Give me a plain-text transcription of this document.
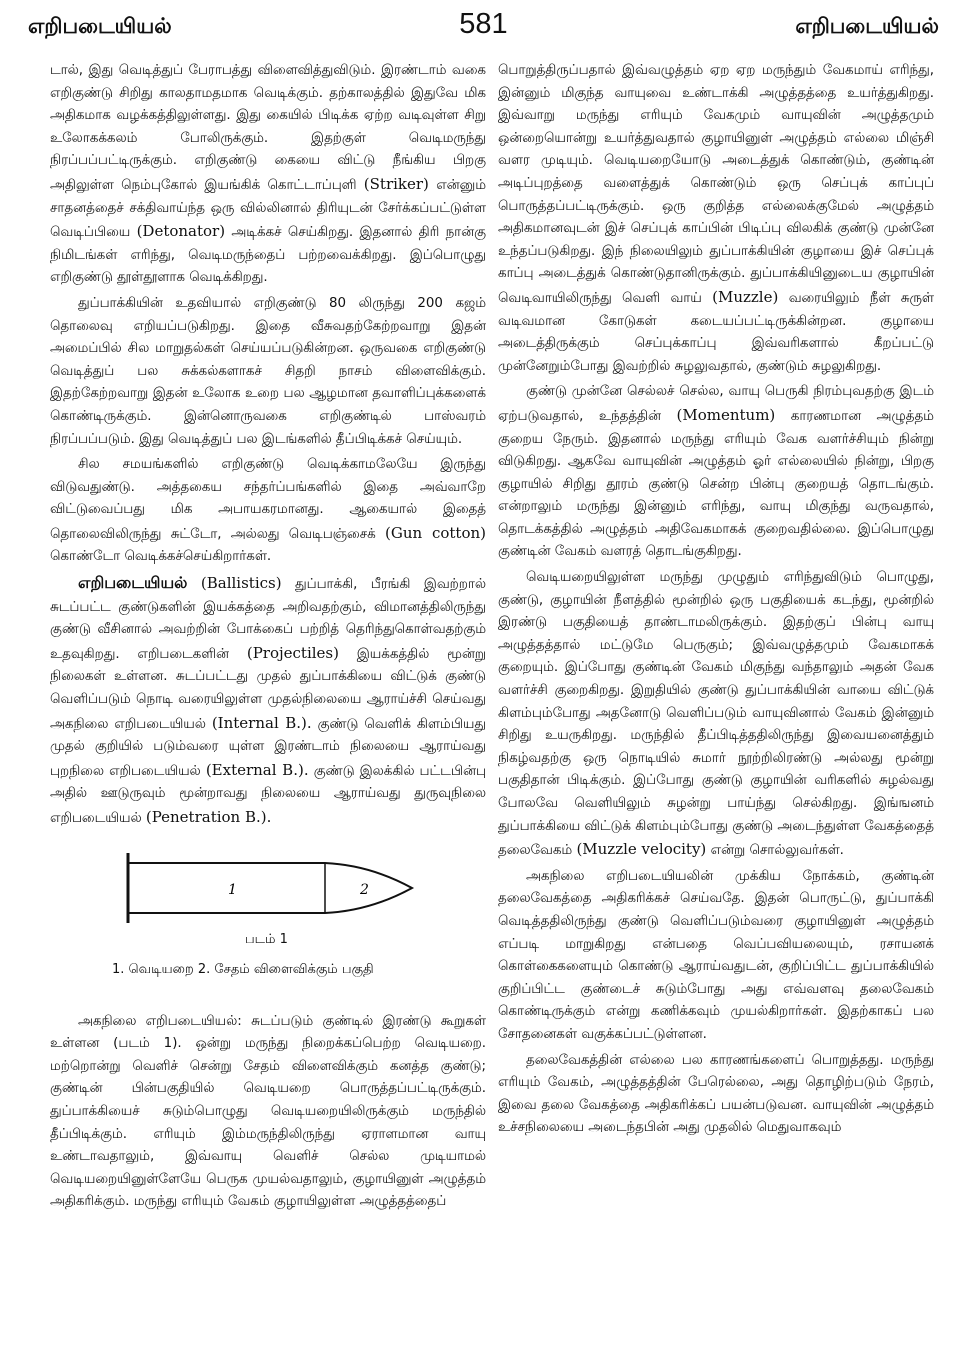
எறிபடையியல்	581	எறிபடையியல்

டால், இது வெடித்துப் பேராபத்து விளைவித்துவிடும். இரண்டாம் வகை எறிகுண்டு சிறிது காலதாமதமாக வெடிக்கும். தற்காலத்தில் இதுவே மிக அதிகமாக வழக்கத்திலுள்ளது. இது கையில் பிடிக்க ஏற்ற வடிவுள்ள சிறு உலோகக்கலம் போலிருக்கும். இதற்குள் வெடிமருந்து நிரப்பப்பட்டிருக்கும். எறிகுண்டு கையை விட்டு நீங்கிய பிறகு அதிலுள்ள நெம்புகோல் இயங்கிக் கொட்டாப்புளி (Striker) என்னும் சாதனத்தைச் சக்திவாய்ந்த ஒரு வில்லினால் திரியுடன் சேர்க்கப்பட்டுள்ள வெடிப்பியை (Detonator) அடிக்கச் செய்கிறது. இதனால் திரி நான்கு நிமிடங்கள் எரிந்து, வெடிமருந்தைப் பற்றவைக்கிறது. இப்பொழுது எறிகுண்டு தூள்தூளாக வெடிக்கிறது.

துப்பாக்கியின் உதவியால் எறிகுண்டு 80 லிருந்து 200 கஜம் தொலைவு எறியப்படுகிறது. இதை வீசுவதற்கேற்றவாறு இதன் அமைப்பில் சில மாறுதல்கள் செய்யப்படுகின்றன. ஒருவகை எறிகுண்டு வெடித்துப் பல சுக்கல்களாகச் சிதறி நாசம் விளைவிக்கும். இதற்கேற்றவாறு இதன் உலோக உறை பல ஆழமான தவாளிப்புக்களைக் கொண்டிருக்கும். இன்னொருவகை எறிகுண்டில் பாஸ்வரம் நிரப்பப்படும். இது வெடித்துப் பல இடங்களில் தீப்பிடிக்கச் செய்யும்.

சில சமயங்களில் எறிகுண்டு வெடிக்காமலேயே இருந்து விடுவதுண்டு. அத்தகைய சந்தர்ப்பங்களில் இதை அவ்வாறே விட்டுவைப்பது மிக அபாயகரமானது. ஆகையால் இதைத் தொலைவிலிருந்து சுட்டோ, அல்லது வெடிபஞ்சைக் (Gun cotton) கொண்டோ வெடிக்கச்செய்கிறார்கள்.

எறிபடையியல் (Ballistics) துப்பாக்கி, பீரங்கி இவற்றால் சுடப்பட்ட குண்டுகளின் இயக்கத்தை அறிவதற்கும், விமானத்திலிருந்து குண்டு வீசினால் அவற்றின் போக்கைப் பற்றித் தெரிந்துகொள்வதற்கும் உதவுகிறது. எறிபடைகளின் (Projectiles) இயக்கத்தில் மூன்று நிலைகள் உள்ளன. சுடப்பட்டது முதல் துப்பாக்கியை விட்டுக் குண்டு வெளிப்படும் நொடி வரையிலுள்ள முதல்நிலையை ஆராய்ச்சி செய்வது அகநிலை எறிபடையியல் (Internal B.). குண்டு வெளிக் கிளம்பியது முதல் குறியில் படும்வரை யுள்ள இரண்டாம் நிலையை ஆராய்வது புறநிலை எறிபடையியல் (External B.). குண்டு இலக்கில் பட்டபின்பு அதில் ஊடுருவும் மூன்றாவது நிலையை ஆராய்வது துருவுநிலை எறிபடையியல் (Penetration B.).

1	2
படம் 1
1. வெடியறை 2. சேதம் விளைவிக்கும் பகுதி

அகநிலை எறிபடையியல்: சுடப்படும் குண்டில் இரண்டு கூறுகள் உள்ளன (படம் 1). ஒன்று மருந்து நிறைக்கப்பெற்ற வெடியறை. மற்றொன்று வெளிச் சென்று சேதம் விளைவிக்கும் கனத்த குண்டு; குண்டின் பின்பகுதியில் வெடியறை பொருத்தப்பட்டிருக்கும். துப்பாக்கியைச் சுடும்பொழுது வெடியறையிலிருக்கும் மருந்தில் தீப்பிடிக்கும். எரியும் இம்மருந்திலிருந்து ஏராளமான வாயு உண்டாவதாலும், இவ்வாயு வெளிச் செல்ல முடியாமல் வெடியறையினுள்ளேயே பெருக முயல்வதாலும், குழாயினுள் அழுத்தம் அதிகரிக்கும். மருந்து எரியும் வேகம் குழாயிலுள்ள அழுத்தத்தைப்

பொறுத்திருப்பதால் இவ்வழுத்தம் ஏற ஏற மருந்தும் வேகமாய் எரிந்து, இன்னும் மிகுந்த வாயுவை உண்டாக்கி அழுத்தத்தை உயர்த்துகிறது. இவ்வாறு மருந்து எரியும் வேகமும் வாயுவின் அழுத்தமும் ஒன்றையொன்று உயர்த்துவதால் குழாயினுள் அழுத்தம் எல்லை மிஞ்சி வளர முடியும். வெடியறையோடு அடைத்துக் கொண்டும், குண்டின் அடிப்புறத்தை வளைத்துக் கொண்டும் ஒரு செப்புக் காப்புப் பொருத்தப்பட்டிருக்கும். ஒரு குறித்த எல்லைக்குமேல் அழுத்தம் அதிகமானவுடன் இச் செப்புக் காப்பின் பிடிப்பு விலகிக் குண்டு முன்னே உந்தப்படுகிறது. இந் நிலையிலும் துப்பாக்கியின் குழாயை இச் செப்புக் காப்பு அடைத்துக் கொண்டுதானிருக்கும். துப்பாக்கியினுடைய குழாயின் வெடிவாயிலிருந்து வெளி வாய் (Muzzle) வரையிலும் நீள் சுருள் வடிவமான கோடுகள் கடையப்பட்டிருக்கின்றன. குழாயை அடைத்திருக்கும் செப்புக்காப்பு இவ்வரிகளால் கீறப்பட்டு முன்னேறும்போது இவற்றில் சுழலுவதால், குண்டும் சுழலுகிறது.

குண்டு முன்னே செல்லச் செல்ல, வாயு பெருகி நிரம்புவதற்கு இடம் ஏற்படுவதால், உந்தத்தின் (Momentum) காரணமான அழுத்தம் குறைய நேரும். இதனால் மருந்து எரியும் வேக வளர்ச்சியும் நின்று விடுகிறது. ஆகவே வாயுவின் அழுத்தம் ஓர் எல்லையில் நின்று, பிறகு குழாயில் சிறிது தூரம் குண்டு சென்ற பின்பு குறையத் தொடங்கும். என்றாலும் மருந்து இன்னும் எரிந்து, வாயு மிகுந்து வருவதால், தொடக்கத்தில் அழுத்தம் அதிவேகமாகக் குறைவதில்லை. இப்பொழுது குண்டின் வேகம் வளரத் தொடங்குகிறது.

வெடியறையிலுள்ள மருந்து முழுதும் எரிந்துவிடும் பொழுது, குண்டு, குழாயின் நீளத்தில் மூன்றில் ஒரு பகுதியைக் கடந்து, மூன்றில் இரண்டு பகுதியைத் தாண்டாமலிருக்கும். இதற்குப் பின்பு வாயு அழுத்தத்தால் மட்டுமே பெருகும்; இவ்வழுத்தமும் வேகமாகக் குறையும். இப்போது குண்டின் வேகம் மிகுந்து வந்தாலும் அதன் வேக வளர்ச்சி குறைகிறது. இறுதியில் குண்டு துப்பாக்கியின் வாயை விட்டுக் கிளம்பும்போது அதனோடு வெளிப்படும் வாயுவினால் வேகம் இன்னும் சிறிது உயருகிறது. மருந்தில் தீப்பிடித்ததிலிருந்து இவையனைத்தும் நிகழ்வதற்கு ஒரு நொடியில் சுமார் நூற்றிலிரண்டு அல்லது மூன்று பகுதிதான் பிடிக்கும். இப்போது குண்டு குழாயின் வரிகளில் சுழல்வது போலவே வெளியிலும் சுழன்று பாய்ந்து செல்கிறது. இங்ஙனம் துப்பாக்கியை விட்டுக் கிளம்பும்போது குண்டு அடைந்துள்ள வேகத்தைத் தலைவேகம் (Muzzle velocity) என்று சொல்லுவர்கள்.

அகநிலை எறிபடையியலின் முக்கிய நோக்கம், குண்டின் தலைவேகத்தை அதிகரிக்கச் செய்வதே. இதன் பொருட்டு, துப்பாக்கி வெடித்ததிலிருந்து குண்டு வெளிப்படும்வரை குழாயினுள் அழுத்தம் எப்படி மாறுகிறது என்பதை வெப்பவியலையும், ரசாயனக் கொள்கைகளையும் கொண்டு ஆராய்வதுடன், குறிப்பிட்ட துப்பாக்கியில் குறிப்பிட்ட குண்டைச் சுடும்போது அது எவ்வளவு தலைவேகம் கொண்டிருக்கும் என்று கணிக்கவும் முயல்கிறார்கள். இதற்காகப் பல சோதனைகள் வகுக்கப்பட்டுள்ளன.

தலைவேகத்தின் எல்லை பல காரணங்களைப் பொறுத்தது. மருந்து எரியும் வேகம், அழுத்தத்தின் பேரெல்லை, அது தொழிற்படும் நேரம், இவை தலை வேகத்தை அதிகரிக்கப் பயன்படுவன. வாயுவின் அழுத்தம் உச்சநிலையை அடைந்தபின் அது முதலில் மெதுவாகவும்
